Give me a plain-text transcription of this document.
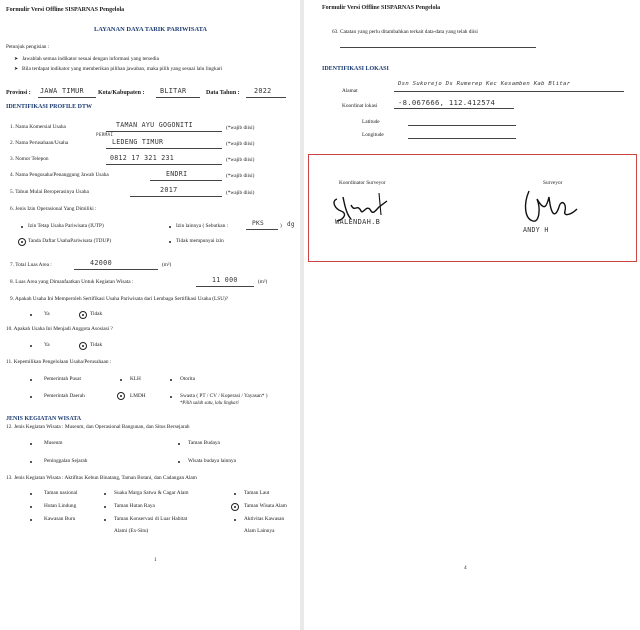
Formulir Versi Offline SISPARNAS Pengelola
LAYANAN DAYA TARIK PARIWISATA
Petunjuk pengisian :
➤ Jawablah semua indikator sesuai dengan informasi yang tersedia
➤ Bila terdapat indikator yang memberikan pilihan jawaban, maka pilih yang sesuai lalu lingkari
Provinsi : JAWA TIMUR Kota/Kabupaten : BLITAR	Data Tahun : 2022
IDENTIFIKASI PROFILE DTW
1. Nama Komersial Usaha	TAMAN AYU GOGONITI	(*wajib diisi)
2. Nama Perusahaan/Usaha
PERMAI
LEDENG TIMUR	(*wajib diisi)
3. Nomor Telepon	0812 17 321 231	(*wajib diisi)
4. Nama Pengusaha/Penanggung Jawab Usaha	ENDRI	(*wajib diisi)
5. Tahun Mulai Beroperasinya Usaha	2017	(*wajib diisi)
6. Jenis Izin Operasional Yang Dimiliki :
Izin Tetap Usaha Pariwisata (IUTP)	Izin lainnya ( Sebutkan :	PKS	) dg
Tanda Daftar UsahaPariwisata (TDUP)	Tidak mempunyai izin
7. Total Luas Area :	42000	(m²)
8. Luas Area yang Dimanfaatkan Untuk Kegiatan Wisata :	11 000	(m²)
9. Apakah Usaha Ini Memperoleh Sertifikasi Usaha Pariwisata dari Lembaga Sertifikasi Usaha (LSU)?
Ya	Tidak
10. Apakah Usaha Ini Menjadi Anggota Asosiasi ?
Ya	Tidak
11. Kepemilikan Pengelolaan Usaha/Perusahaan :
Pemerintah Pusat	KLH	Otorita
Pemerintah Daerah	LMDH	Swasta ( PT / CV / Koperasi / Yayasan* )
*Pilih salah satu, lalu lingkari
JENIS KEGIATAN WISATA
12. Jenis Kegiatan Wisata : Museum, dan Operasional Bangunan, dan Situs Bersejarah
Museum	Taman Budaya
Peninggalan Sejarah	Wisata budaya lainnya
13. Jenis Kegiatan Wisata : Aktifitas Kebun Binatang, Taman Botani, dan Cadangan Alam
Taman nasional
Hutan Lindung
Kawasan Buru
Suaka Marga Satwa & Cagar Alam
Taman Hutan Raya
Taman Konservasi di Luar Habitat
Alami (Ex-Situ)
Taman Laut
Taman Wisata Alam
Aktivitas Kawasan
Alam Lainnya
1
Formulir Versi Offline SISPARNAS Pengelola
63. Catatan yang perlu ditambahkan terkait data-data yang telah diisi
IDENTIFIKASI LOKASI
Alamat
Dsn Sukorejo Ds Rumerep Kec Kesamben Kab Blitar
Koordinat lokasi	-8.067666, 112.412574
Latitude
Longitude
Koordinator Surveyor
WALENDAH.B
Surveyor
ANDY H
4
